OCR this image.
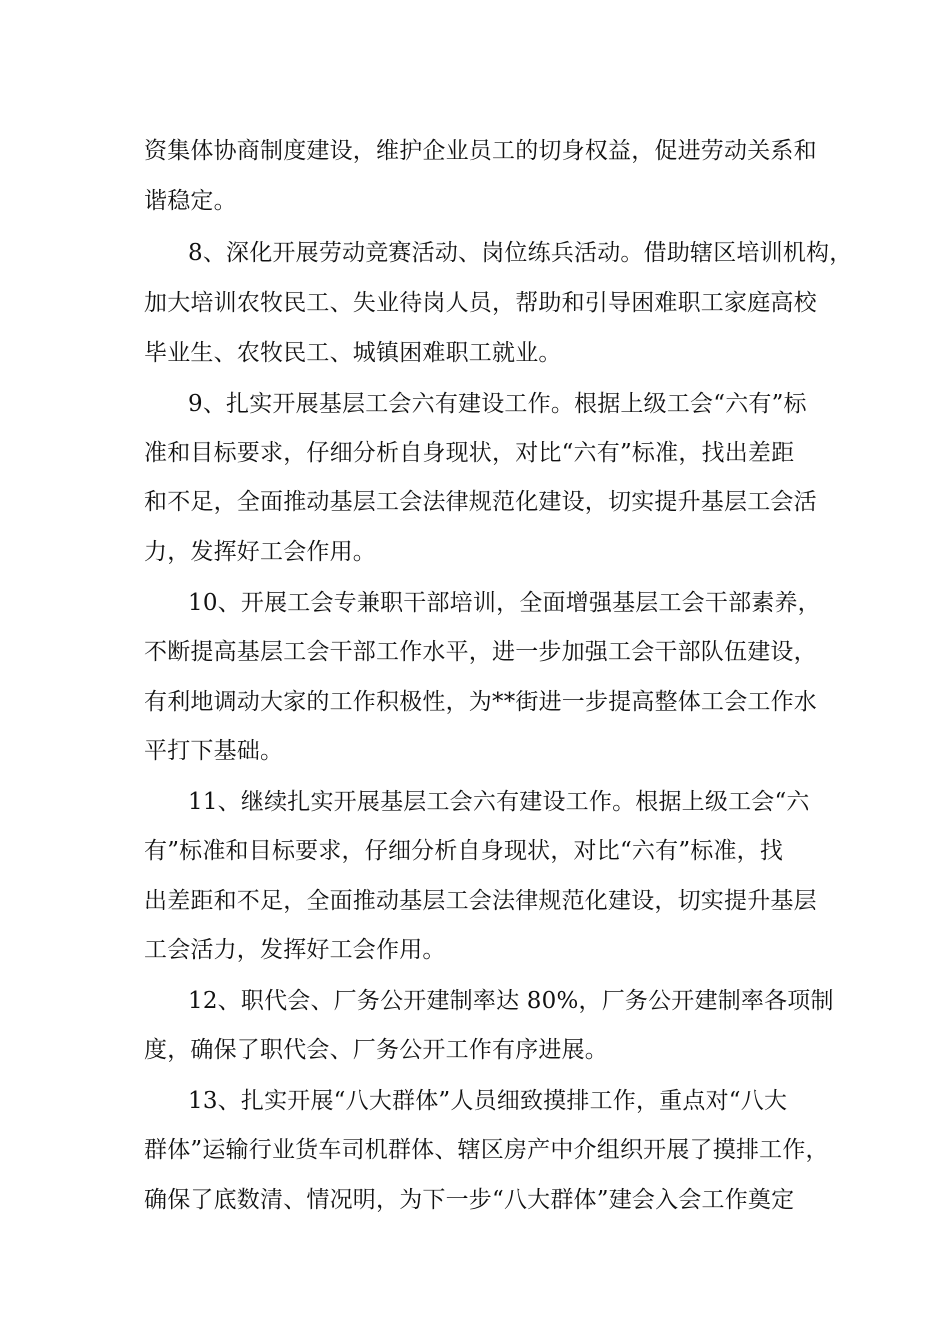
资集体协商制度建设，维护企业员工的切身权益，促进劳动关系和
谐稳定。
8、深化开展劳动竞赛活动、岗位练兵活动。借助辖区培训机构，
加大培训农牧民工、失业待岗人员，帮助和引导困难职工家庭高校
毕业生、农牧民工、城镇困难职工就业。
9、扎实开展基层工会六有建设工作。根据上级工会“六有”标
准和目标要求，仔细分析自身现状，对比“六有”标准，找出差距
和不足，全面推动基层工会法律规范化建设，切实提升基层工会活
力，发挥好工会作用。
10、开展工会专兼职干部培训，全面增强基层工会干部素养，
不断提高基层工会干部工作水平，进一步加强工会干部队伍建设，
有利地调动大家的工作积极性，为**街进一步提高整体工会工作水
平打下基础。
11、继续扎实开展基层工会六有建设工作。根据上级工会“六
有”标准和目标要求，仔细分析自身现状，对比“六有”标准，找
出差距和不足，全面推动基层工会法律规范化建设，切实提升基层
工会活力，发挥好工会作用。
12、职代会、厂务公开建制率达 80%，厂务公开建制率各项制
度，确保了职代会、厂务公开工作有序进展。
13、扎实开展“八大群体”人员细致摸排工作，重点对“八大
群体”运输行业货车司机群体、辖区房产中介组织开展了摸排工作，
确保了底数清、情况明，为下一步“八大群体”建会入会工作奠定
